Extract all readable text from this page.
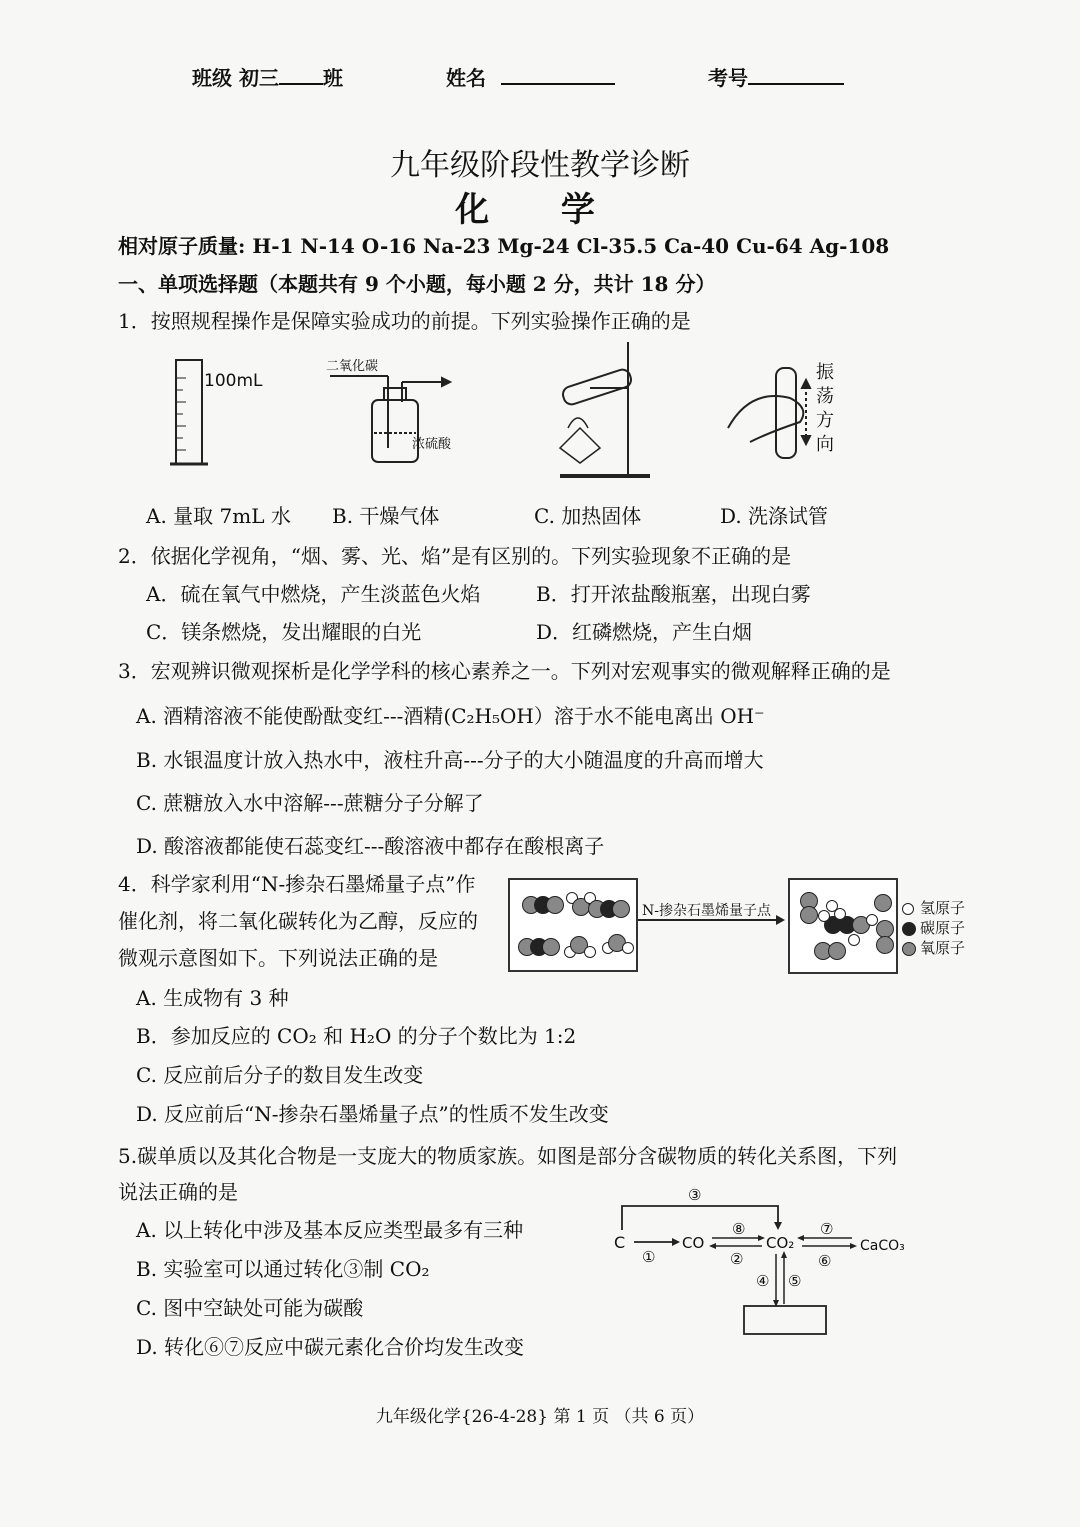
班级 初三 班	姓名	考号
九年级阶段性教学诊断
化 学
相对原子质量: H-1 N-14 O-16 Na-23 Mg-24 Cl-35.5 Ca-40 Cu-64 Ag-108
一、单项选择题（本题共有 9 个小题，每小题 2 分，共计 18 分）
1．按照规程操作是保障实验成功的前提。下列实验操作正确的是
100mL
二氧化碳
浓硫酸
振
荡
方
向
A. 量取 7mL 水 B. 干燥气体	C. 加热固体	D. 洗涤试管
2．依据化学视角，“烟、雾、光、焰”是有区别的。下列实验现象不正确的是
A．硫在氧气中燃烧，产生淡蓝色火焰	B．打开浓盐酸瓶塞，出现白雾
C．镁条燃烧，发出耀眼的白光	D．红磷燃烧，产生白烟
3．宏观辨识微观探析是化学学科的核心素养之一。下列对宏观事实的微观解释正确的是
A. 酒精溶液不能使酚酞变红---酒精(C₂H₅OH）溶于水不能电离出 OH⁻
B. 水银温度计放入热水中，液柱升高---分子的大小随温度的升高而增大
C. 蔗糖放入水中溶解---蔗糖分子分解了
D. 酸溶液都能使石蕊变红---酸溶液中都存在酸根离子
4．科学家利用“N-掺杂石墨烯量子点”作
催化剂，将二氧化碳转化为乙醇，反应的
微观示意图如下。下列说法正确的是
N-掺杂石墨烯量子点	氢原子
碳原子
氧原子
A. 生成物有 3 种
B．参加反应的 CO₂ 和 H₂O 的分子个数比为 1:2
C. 反应前后分子的数目发生改变
D. 反应前后“N-掺杂石墨烯量子点”的性质不发生改变
5.碳单质以及其化合物是一支庞大的物质家族。如图是部分含碳物质的转化关系图，下列
说法正确的是
A. 以上转化中涉及基本反应类型最多有三种
B. 实验室可以通过转化③制 CO₂
C. 图中空缺处可能为碳酸
D. 转化⑥⑦反应中碳元素化合价均发生改变
C	CO	CO₂	CaCO₃
①	②
③
④ ⑤
⑥
⑦
⑧
九年级化学{26-4-28} 第 1 页 （共 6 页）
